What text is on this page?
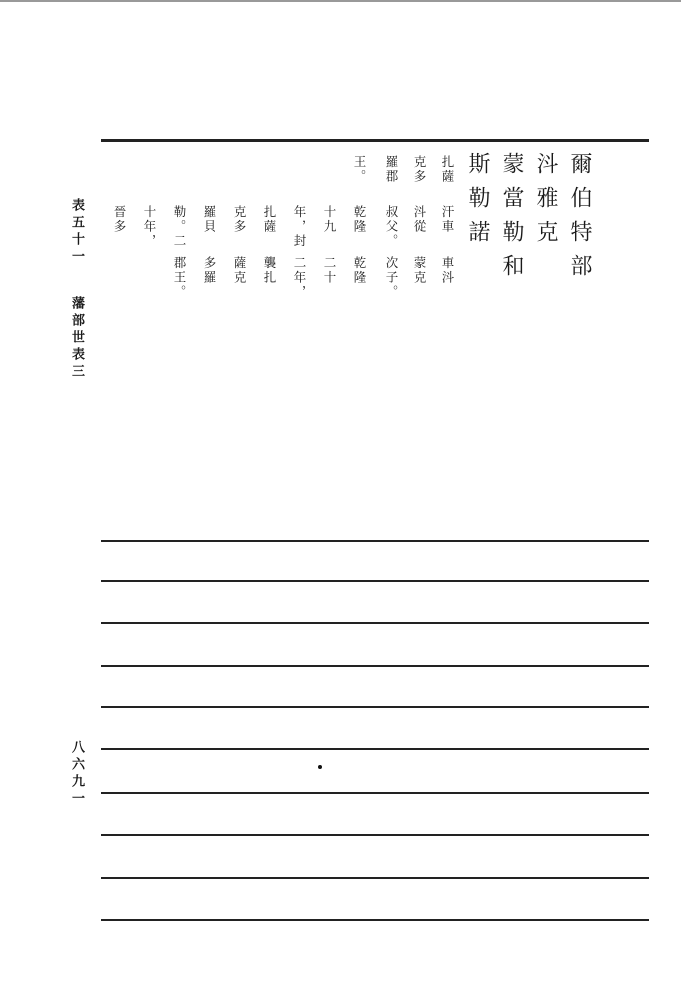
表五十一
藩部世表三
八六九一
爾伯特部
扎薩
克多
羅郡
王。	㳆雅克
蒙當勒和
斯勒諾
汗車
㳆從
叔父。
乾隆
十九
年，封
扎薩
克多
羅貝
勒。二
十年，
晉多
車㳆
蒙克
次子。
乾隆
二十
二年，
襲扎
薩克
多羅
郡王。
